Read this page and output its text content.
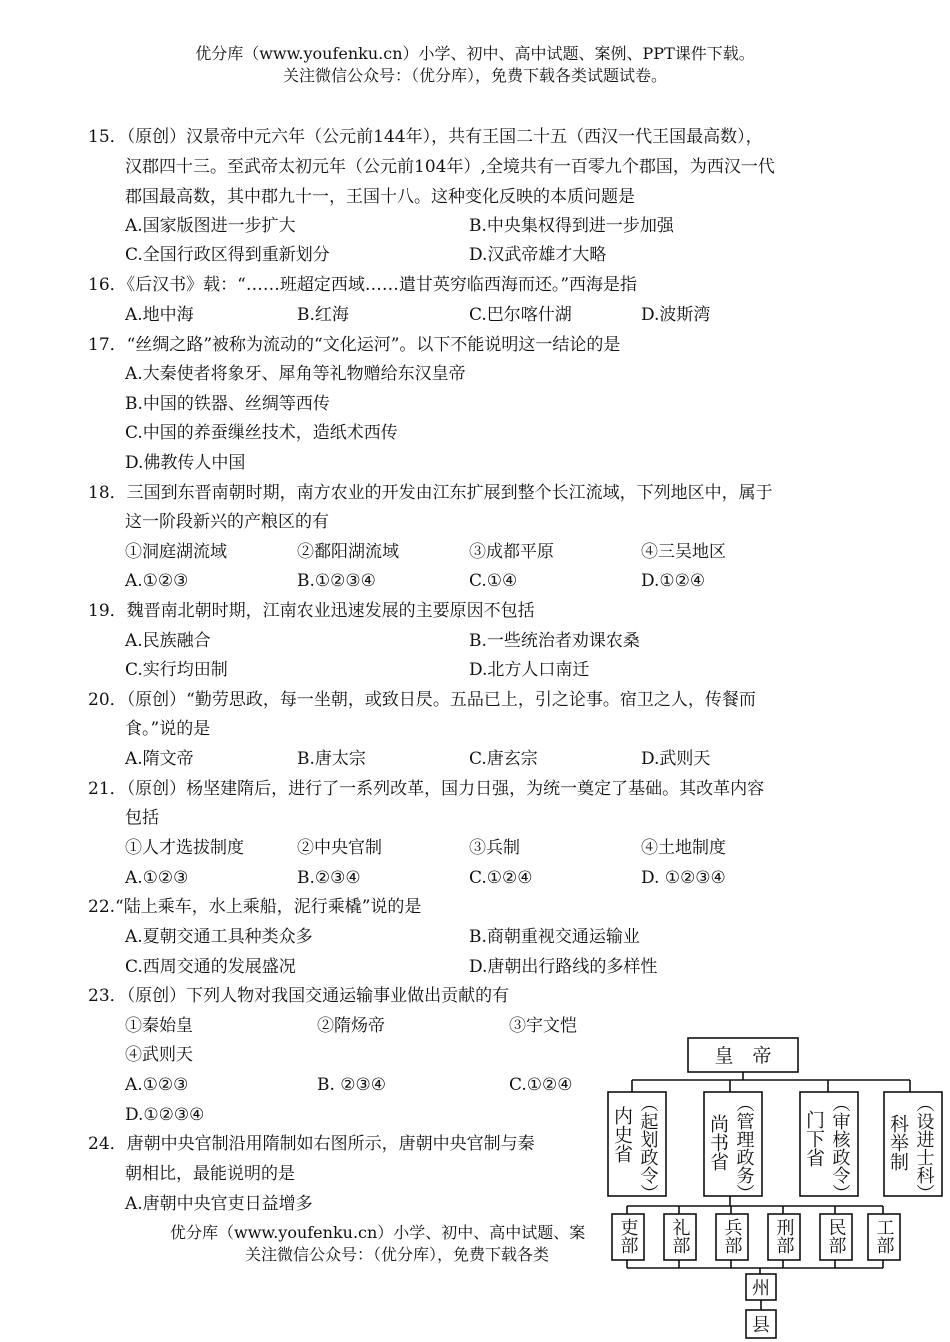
优分库（www.youfenku.cn）小学、初中、高中试题、案例、PPT课件下载。
关注微信公众号：（优分库），免费下载各类试题试卷。
15．（原创）汉景帝中元六年（公元前144年），共有王国二十五（西汉一代王国最高数），
汉郡四十三。至武帝太初元年（公元前104年）,全境共有一百零九个郡国，为西汉一代
郡国最高数，其中郡九十一，王国十八。这种变化反映的本质问题是
A.国家版图进一步扩大	B.中央集权得到进一步加强
C.全国行政区得到重新划分	D.汉武帝雄才大略
16．《后汉书》载：“……班超定西域……遣甘英穷临西海而还。”西海是指
A.地中海	B.红海	C.巴尔喀什湖	D.波斯湾
17．“丝绸之路”被称为流动的“文化运河”。以下不能说明这一结论的是
A.大秦使者将象牙、犀角等礼物赠给东汉皇帝
B.中国的铁器、丝绸等西传
C.中国的养蚕缫丝技术，造纸术西传
D.佛教传人中国
18．三国到东晋南朝时期，南方农业的开发由江东扩展到整个长江流域，下列地区中，属于
这一阶段新兴的产粮区的有
①洞庭湖流域	②鄱阳湖流域	③成都平原	④三吴地区
A.①②③	B.①②③④	C.①④	D.①②④
19．魏晋南北朝时期，江南农业迅速发展的主要原因不包括
A.民族融合	B.一些统治者劝课农桑
C.实行均田制	D.北方人口南迁
20．（原创）“勤劳思政，每一坐朝，或致日昃。五品已上，引之论事。宿卫之人，传餐而
食。”说的是
A.隋文帝	B.唐太宗	C.唐玄宗	D.武则天
21．（原创）杨坚建隋后，进行了一系列改革，国力日强，为统一奠定了基础。其改革内容
包括
①人才选拔制度	②中央官制	③兵制	④土地制度
A.①②③	B.②③④	C.①②④	D. ①②③④
22.“陆上乘车，水上乘船，泥行乘橇”说的是
A.夏朝交通工具种类众多	B.商朝重视交通运输业
C.西周交通的发展盛况	D.唐朝出行路线的多样性
23．（原创）下列人物对我国交通运输事业做出贡献的有
①秦始皇	②隋炀帝	③宇文恺
④武则天
A.①②③	B. ②③④	C.①②④
D.①②③④
24．唐朝中央官制沿用隋制如右图所示，唐朝中央官制与秦
朝相比，最能说明的是
A.唐朝中央官吏日益增多
优分库（www.youfenku.cn）小学、初中、高中试题、案
关注微信公众号：（优分库），免费下载各类
皇　帝
内史省 （起划政令）	尚书省 （管理政务）	门下省 （审核政令） 科举制 （设进士科）
吏部 礼部 兵部 刑部 民部 工部
州
县
